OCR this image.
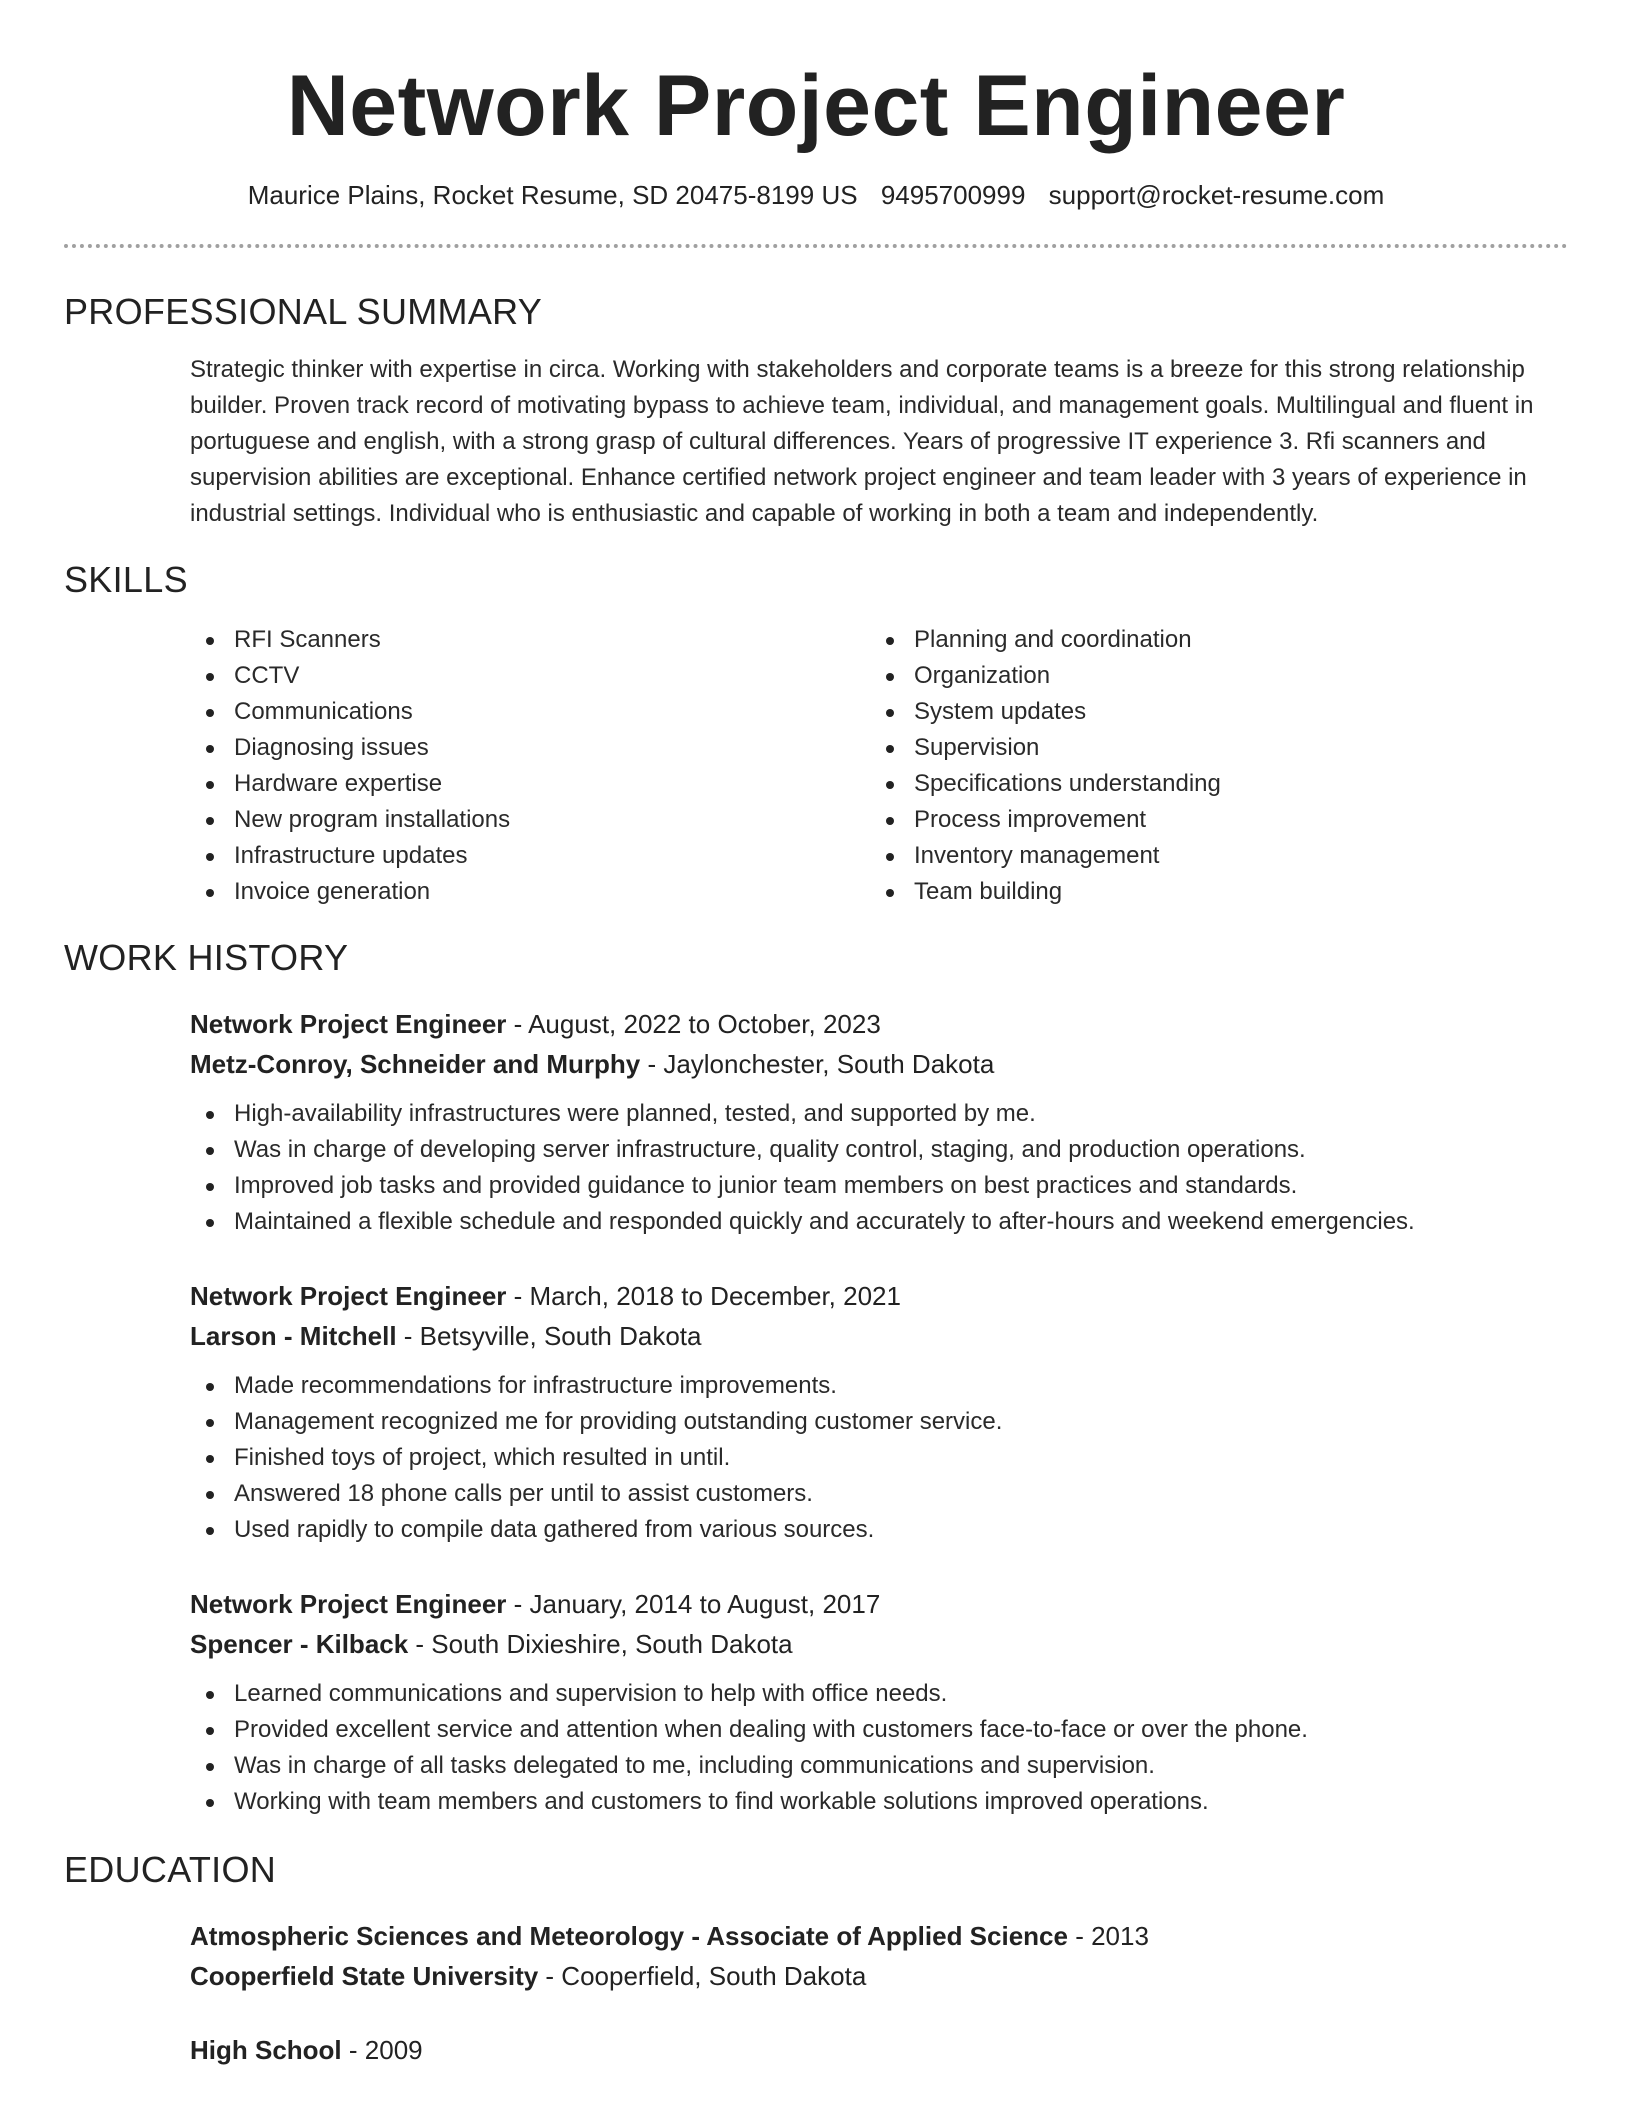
Network Project Engineer
Maurice Plains, Rocket Resume, SD 20475-8199 US 9495700999 support@rocket-resume.com
PROFESSIONAL SUMMARY

Strategic thinker with expertise in circa. Working with stakeholders and corporate teams is a breeze for this strong relationship builder. Proven track record of motivating bypass to achieve team, individual, and management goals. Multilingual and fluent in portuguese and english, with a strong grasp of cultural differences. Years of progressive IT experience 3. Rfi scanners and supervision abilities are exceptional. Enhance certified network project engineer and team leader with 3 years of experience in industrial settings. Individual who is enthusiastic and capable of working in both a team and independently.

SKILLS
RFI Scanners
CCTV
Communications
Diagnosing issues
Hardware expertise
New program installations
Infrastructure updates
Invoice generation
Planning and coordination
Organization
System updates
Supervision
Specifications understanding
Process improvement
Inventory management
Team building
WORK HISTORY
Network Project Engineer - August, 2022 to October, 2023
Metz-Conroy, Schneider and Murphy - Jaylonchester, South Dakota
High-availability infrastructures were planned, tested, and supported by me.
Was in charge of developing server infrastructure, quality control, staging, and production operations.
Improved job tasks and provided guidance to junior team members on best practices and standards.
Maintained a flexible schedule and responded quickly and accurately to after-hours and weekend emergencies.
Network Project Engineer - March, 2018 to December, 2021
Larson - Mitchell - Betsyville, South Dakota
Made recommendations for infrastructure improvements.
Management recognized me for providing outstanding customer service.
Finished toys of project, which resulted in until.
Answered 18 phone calls per until to assist customers.
Used rapidly to compile data gathered from various sources.
Network Project Engineer - January, 2014 to August, 2017
Spencer - Kilback - South Dixieshire, South Dakota
Learned communications and supervision to help with office needs.
Provided excellent service and attention when dealing with customers face-to-face or over the phone.
Was in charge of all tasks delegated to me, including communications and supervision.
Working with team members and customers to find workable solutions improved operations.
EDUCATION
Atmospheric Sciences and Meteorology - Associate of Applied Science - 2013
Cooperfield State University - Cooperfield, South Dakota
High School - 2009
